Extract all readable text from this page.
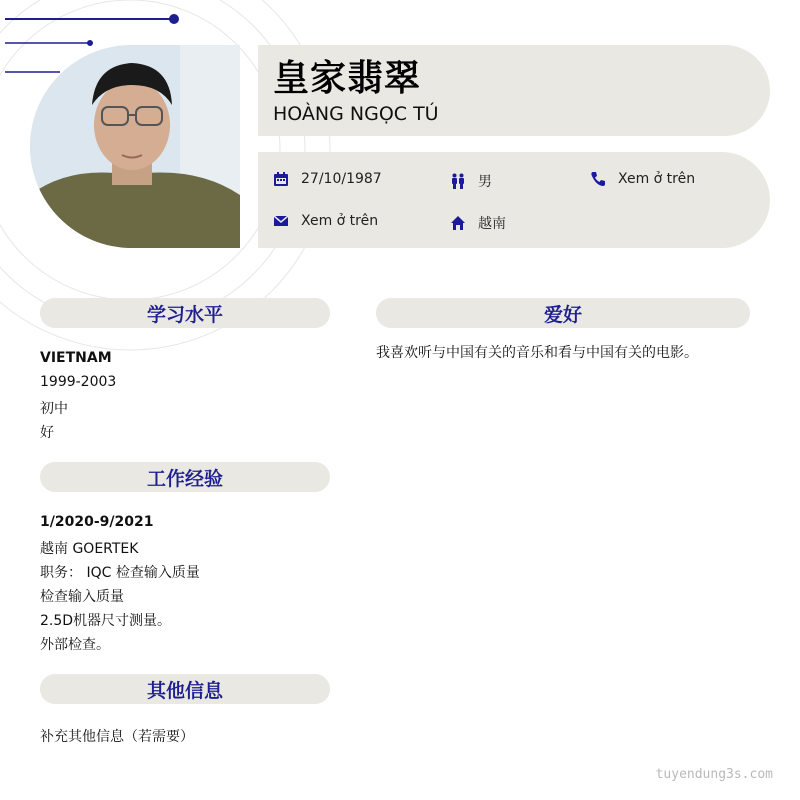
皇家翡翠
HOÀNG NGỌC TÚ
27/10/1987	男	Xem ở trên
Xem ở trên	越南
学习水平
VIETNAM
1999-2003
初中
好
工作经验
1/2020-9/2021
越南 GOERTEK
职务： IQC 检查输入质量
检查输入质量
2.5D机器尺寸测量。
外部检查。
其他信息
补充其他信息（若需要）
爱好
我喜欢听与中国有关的音乐和看与中国有关的电影。
tuyendung3s.com
